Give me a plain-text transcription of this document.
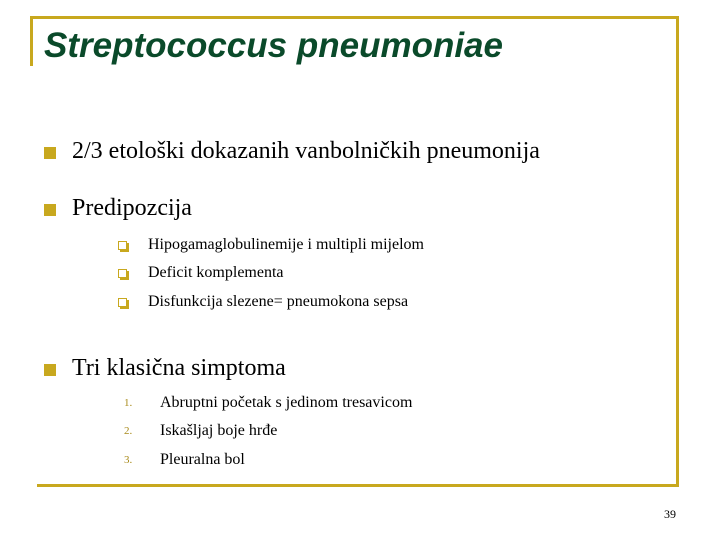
Streptococcus pneumoniae
2/3 etološki dokazanih vanbolničkih pneumonija
Predipozcija
Hipogamaglobulinemije i multipli mijelom
Deficit komplementa
Disfunkcija slezene= pneumokona sepsa
Tri klasična simptoma
1. Abruptni početak s jedinom tresavicom
2. Iskašljaj boje hrđe
3. Pleuralna bol
39
